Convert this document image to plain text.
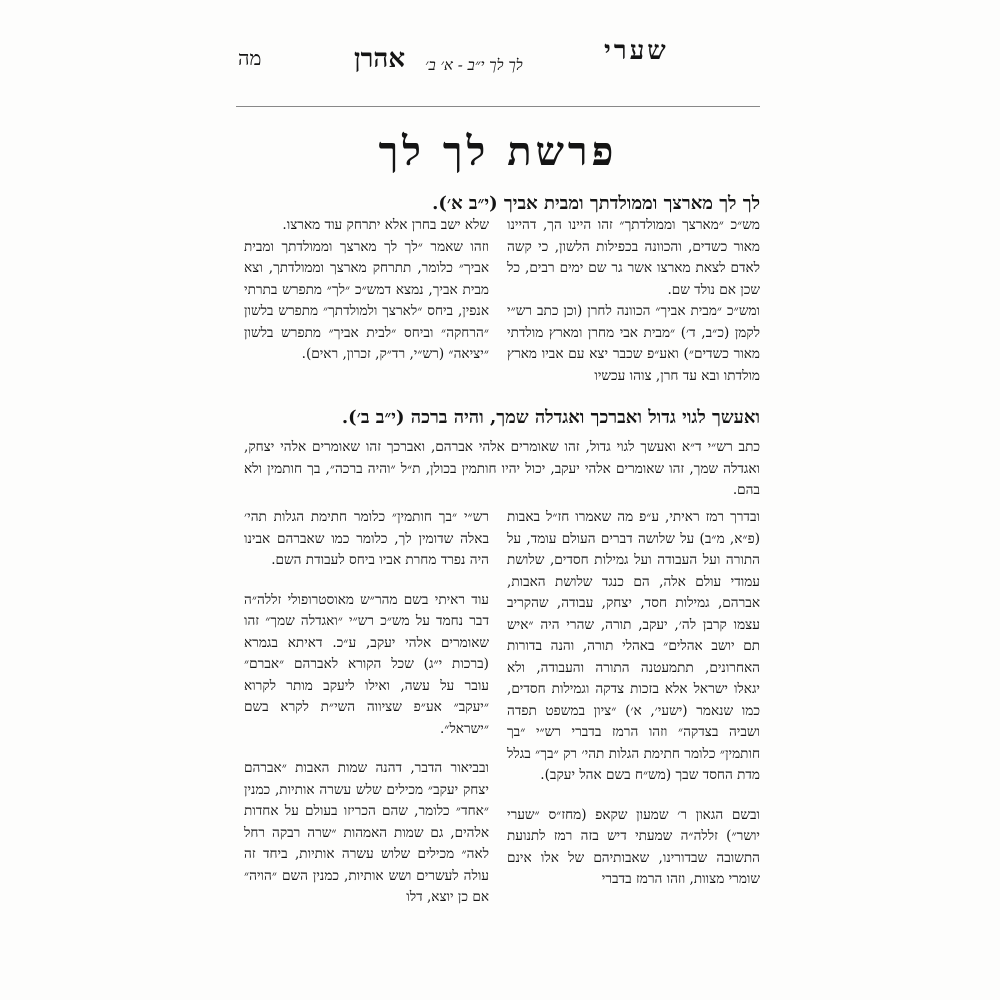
שערי
לך לך י״ב - א׳ ב׳
אהרן
מה
פרשת לך לך
לך לך מארצך וממולדתך ומבית אביך (י״ב א׳).

מש״כ ״מארצך וממולדתך״ זהו היינו הך, דהיינו מאור כשדים, והכוונה בכפילות הלשון, כי קשה לאדם לצאת מארצו אשר גר שם ימים רבים, כל שכן אם נולד שם.

ומש״כ ״מבית אביך״ הכוונה לחרן (וכן כתב רש״י לקמן (כ״ב, ד׳) ״מבית אבי מחרן ומארץ מולדתי מאור כשדים״) ואע״פ שכבר יצא עם אביו מארץ מולדתו ובא עד חרן, צוהו עכשיו

שלא ישב בחרן אלא יתרחק עוד מארצו.

וזהו שאמר ״לך לך מארצך וממולדתך ומבית אביך״ כלומר, תתרחק מארצך וממולדתך, וצא מבית אביך, נמצא דמש״כ ״לך״ מתפרש בתרתי אנפין, ביחס ״לארצך ולמולדתך״ מתפרש בלשון ״הרחקה״ וביחס ״לבית אביך״ מתפרש בלשון ״יציאה״ (רש״י, רד״ק, זכרון, ראים).

ואעשך לגוי גדול ואברכך ואגדלה שמך, והיה ברכה (י״ב ב׳).

כתב רש״י ד״א ואעשך לגוי גדול, זהו שאומרים אלהי אברהם, ואברכך זהו שאומרים אלהי יצחק, ואגדלה שמך, זהו שאומרים אלהי יעקב, יכול יהיו חותמין בכולן, ת״ל ״והיה ברכה״, בך חותמין ולא בהם.

ובדרך רמז ראיתי, ע״פ מה שאמרו חז״ל באבות (פ״א, מ״ב) על שלושה דברים העולם עומד, על התורה ועל העבודה ועל גמילות חסדים, שלושת עמודי עולם אלה, הם כנגד שלושת האבות, אברהם, גמילות חסד, יצחק, עבודה, שהקריב עצמו קרבן לה׳, יעקב, תורה, שהרי היה ״איש תם יושב אהלים״ באהלי תורה, והנה בדורות האחרונים, תתמעטנה התורה והעבודה, ולא יגאלו ישראל אלא בזכות צדקה וגמילות חסדים, כמו שנאמר (ישעי׳, א׳) ״ציון במשפט תפדה ושביה בצדקה״ וזהו הרמז בדברי רש״י ״בך חותמין״ כלומר חתימת הגלות תהי׳ רק ״בך״ בגלל מדת החסד שבך (מש״ח בשם אהל יעקב).

ובשם הגאון ר׳ שמעון שקאפ (מחז״ס ״שערי יושר״) זללה״ה שמעתי דיש בזה רמז לתנועת התשובה שבדורינו, שאבותיהם של אלו אינם שומרי מצוות, וזהו הרמז בדברי

רש״י ״בך חותמין״ כלומר חתימת הגלות תהי׳ באלה שדומין לך, כלומר כמו שאברהם אבינו היה נפרד מחרת אביו ביחס לעבודת השם.

עוד ראיתי בשם מהר״ש מאוסטרופולי זללה״ה דבר נחמד על מש״כ רש״י ״ואגדלה שמך״ זהו שאומרים אלהי יעקב, ע״כ. דאיתא בגמרא (ברכות י״ג) שכל הקורא לאברהם ״אברם״ עובר על עשה, ואילו ליעקב מותר לקרוא ״יעקב״ אע״פ שציווה השי״ת לקרא בשם ״ישראל״.

ובביאור הדבר, דהנה שמות האבות ״אברהם יצחק יעקב״ מכילים שלש עשרה אותיות, כמנין ״אחד״ כלומר, שהם הכריזו בעולם על אחדות אלהים, גם שמות האמהות ״שרה רבקה רחל לאה״ מכילים שלוש עשרה אותיות, ביחד זה עולה לעשרים ושש אותיות, כמנין השם ״הויה״ אם כן יוצא, דלו
